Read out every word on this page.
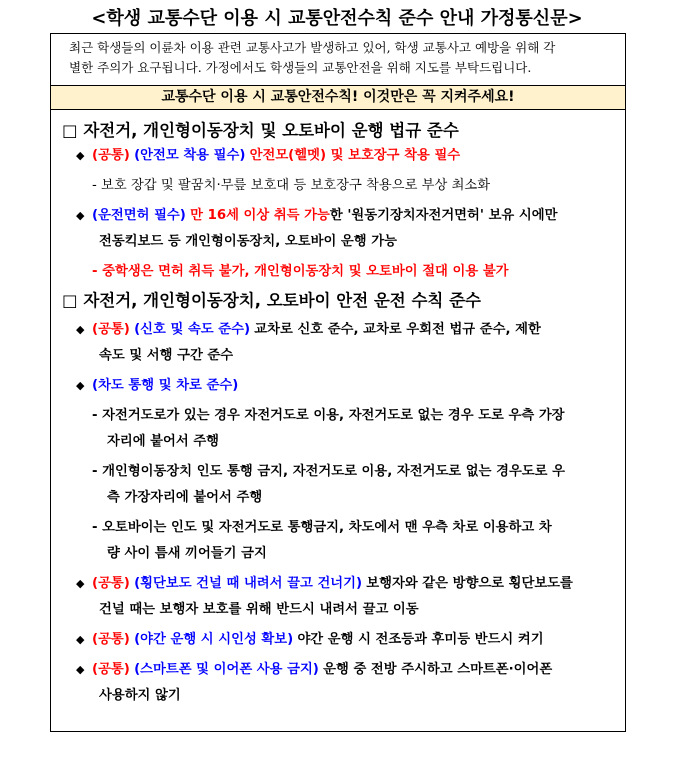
<학생 교통수단 이용 시 교통안전수칙 준수 안내 가정통신문>
최근 학생들의 이륜차 이용 관련 교통사고가 발생하고 있어, 학생 교통사고 예방을 위해 각
별한 주의가 요구됩니다. 가정에서도 학생들의 교통안전을 위해 지도를 부탁드립니다.
교통수단 이용 시 교통안전수칙! 이것만은 꼭 지켜주세요!
□ 자전거, 개인형이동장치 및 오토바이 운행 법규 준수
◆ (공통) (안전모 착용 필수) 안전모(헬멧) 및 보호장구 착용 필수
- 보호 장갑 및 팔꿈치·무릎 보호대 등 보호장구 착용으로 부상 최소화
◆ (운전면허 필수) 만 16세 이상 취득 가능한 '원동기장치자전거면허' 보유 시에만
전동킥보드 등 개인형이동장치, 오토바이 운행 가능
- 중학생은 면허 취득 불가, 개인형이동장치 및 오토바이 절대 이용 불가
□ 자전거, 개인형이동장치, 오토바이 안전 운전 수칙 준수
◆ (공통) (신호 및 속도 준수) 교차로 신호 준수, 교차로 우회전 법규 준수, 제한
속도 및 서행 구간 준수
◆ (차도 통행 및 차로 준수)
- 자전거도로가 있는 경우 자전거도로 이용, 자전거도로 없는 경우 도로 우측 가장
자리에 붙어서 주행
- 개인형이동장치 인도 통행 금지, 자전거도로 이용, 자전거도로 없는 경우도로 우
측 가장자리에 붙어서 주행
- 오토바이는 인도 및 자전거도로 통행금지, 차도에서 맨 우측 차로 이용하고 차
량 사이 틈새 끼어들기 금지
◆ (공통) (횡단보도 건널 때 내려서 끌고 건너기) 보행자와 같은 방향으로 횡단보도를
건널 때는 보행자 보호를 위해 반드시 내려서 끌고 이동
◆ (공통) (야간 운행 시 시인성 확보) 야간 운행 시 전조등과 후미등 반드시 켜기
◆ (공통) (스마트폰 및 이어폰 사용 금지) 운행 중 전방 주시하고 스마트폰·이어폰
사용하지 않기
